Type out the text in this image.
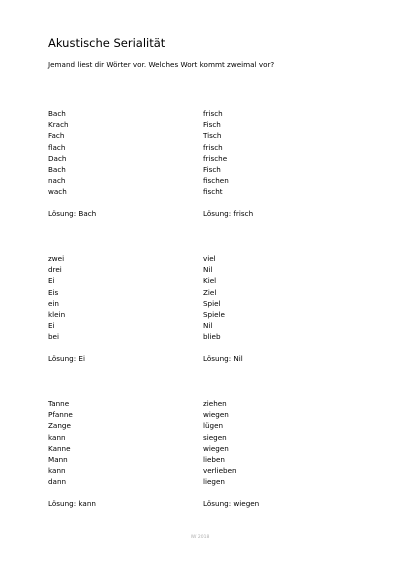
Akustische Serialität
Jemand liest dir Wörter vor. Welches Wort kommt zweimal vor?
Bach
Krach
Fach
flach
Dach
Bach
nach
wach
Lösung: Bach
frisch
Fisch
Tisch
frisch
frische
Fisch
fischen
fischt
Lösung: frisch
zwei
drei
Ei
Eis
ein
klein
Ei
bei
Lösung: Ei
viel
Nil
Kiel
Ziel
Spiel
Spiele
Nil
blieb
Lösung: Nil
Tanne
Pfanne
Zange
kann
Kanne
Mann
kann
dann
Lösung: kann
ziehen
wiegen
lügen
siegen
wiegen
lieben
verlieben
liegen
Lösung: wiegen
IW 2018
